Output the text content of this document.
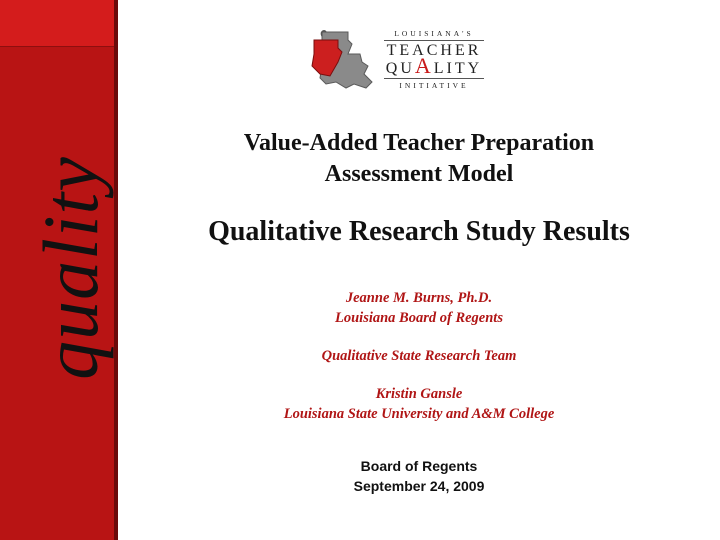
quality
LOUISIANA'S
TEACHER
QUALITY
INITIATIVE
Value-Added Teacher Preparation
Assessment Model
Qualitative Research Study Results
Jeanne M. Burns, Ph.D.
Louisiana Board of Regents
Qualitative State Research Team
Kristin Gansle
Louisiana State University and A&M College
Board of Regents
September 24, 2009
